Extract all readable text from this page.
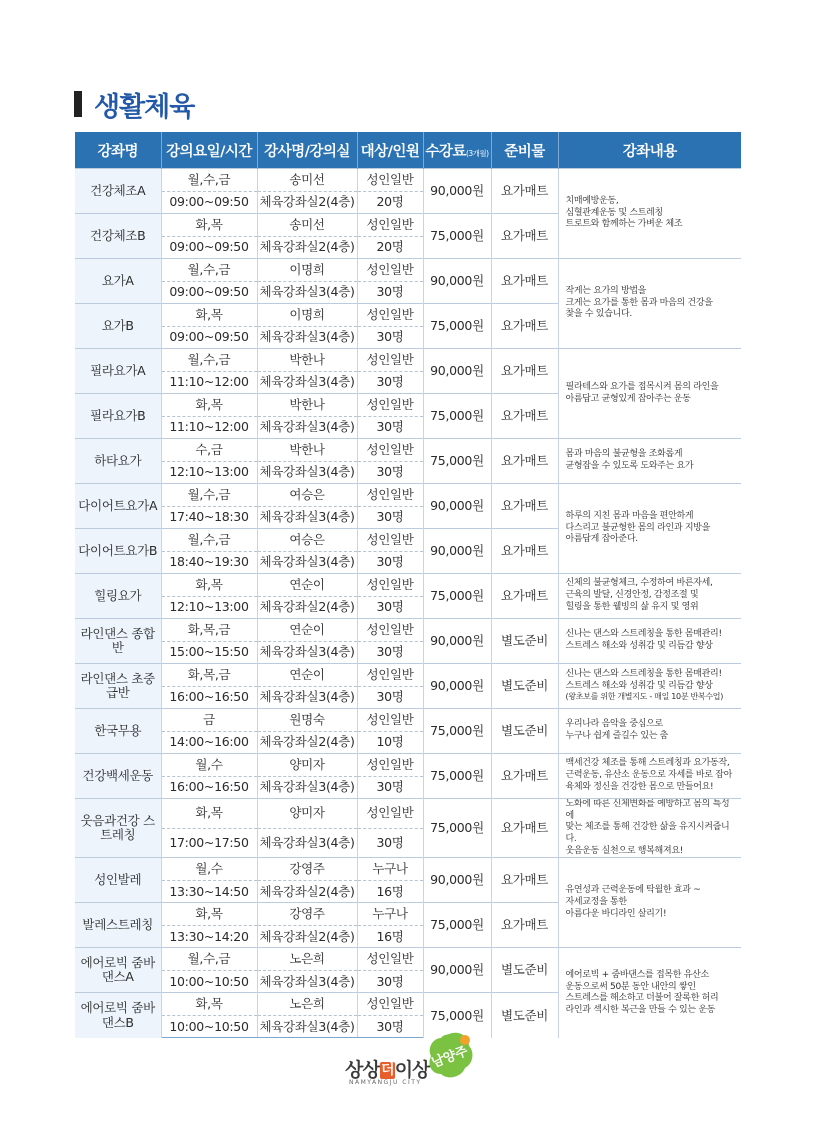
생활체육
강좌명	강의요일/시간	강사명/강의실	대상/인원	수강료(3개월)	준비물	강좌내용
건강체조A	월,수,금	송미선	성인일반	90,000원	요가매트	치매예방운동,
심혈관계운동 및 스트레칭
트로트와 함께하는 가벼운 체조

	09:00~09:50	체육강좌실2(4층)	20명			
건강체조B	화,목	송미선	성인일반	75,000원	요가매트	
	09:00~09:50	체육강좌실2(4층)	20명			
요가A	월,수,금	이명희	성인일반	90,000원	요가매트	작게는 요가의 방법을
크게는 요가를 통한 몸과 마음의 건강을
찾을 수 있습니다.

	09:00~09:50	체육강좌실3(4층)	30명			
요가B	화,목	이명희	성인일반	75,000원	요가매트	
	09:00~09:50	체육강좌실3(4층)	30명			
필라요가A	월,수,금	박한나	성인일반	90,000원	요가매트	필라테스와 요가를 접목시켜 몸의 라인을
아름답고 균형있게 잡아주는 운동

	11:10~12:00	체육강좌실3(4층)	30명			
필라요가B	화,목	박한나	성인일반	75,000원	요가매트	
	11:10~12:00	체육강좌실3(4층)	30명			
하타요가	수,금	박한나	성인일반	75,000원	요가매트	몸과 마음의 불균형을 조화롭게
균형잡을 수 있도록 도와주는 요가

	12:10~13:00	체육강좌실3(4층)	30명			
다이어트요가A	월,수,금	여승은	성인일반	90,000원	요가매트	하루의 지친 몸과 마음을 편안하게
다스리고 불균형한 몸의 라인과 지방을
아름답게 잡아준다.

	17:40~18:30	체육강좌실3(4층)	30명			
다이어트요가B	월,수,금	여승은	성인일반	90,000원	요가매트	
	18:40~19:30	체육강좌실3(4층)	30명			
힐링요가	화,목	연순이	성인일반	75,000원	요가매트	신체의 불균형체크, 수정하여 바른자세,
근육의 발달, 신경안정, 감정조절 및
힐링을 통한 웰빙의 삶 유지 및 영위

	12:10~13:00	체육강좌실2(4층)	30명			
라인댄스 종합반	화,목,금	연순이	성인일반	90,000원	별도준비	신나는 댄스와 스트레칭을 통한 몸매관리!
스트레스 해소와 성취감 및 리듬감 향상

	15:00~15:50	체육강좌실3(4층)	30명			
라인댄스 초중급반	화,목,금	연순이	성인일반	90,000원	별도준비	신나는 댄스와 스트레칭을 통한 몸매관리!
스트레스 해소와 성취감 및 리듬감 향상
(왕초보를 위한 개별지도 - 매일 10분 반복수업)

	16:00~16:50	체육강좌실3(4층)	30명			
한국무용	금	원명숙	성인일반	75,000원	별도준비	우리나라 음악을 중심으로
누구나 쉽게 즐길수 있는 춤

	14:00~16:00	체육강좌실2(4층)	10명			
건강백세운동	월,수	양미자	성인일반	75,000원	요가매트	백세건강 체조를 통해 스트레칭과 요가동작,
근력운동, 유산소 운동으로 자세를 바로 잡아
육체와 정신을 건강한 몸으로 만들어요!

	16:00~16:50	체육강좌실3(4층)	30명			
웃음과건강 스트레칭	화,목	양미자	성인일반	75,000원	요가매트	노화에 따른 신체변화를 예방하고 몸의 특성에
맞는 체조를 통해 건강한 삶을 유지시켜줍니다.
웃음운동 실천으로 행복해져요!

	17:00~17:50	체육강좌실3(4층)	30명			
성인발레	월,수	강영주	누구나	90,000원	요가매트	유연성과 근력운동에 탁월한 효과 ~
자세교정을 통한
아름다운 바디라인 살리기!

	13:30~14:50	체육강좌실2(4층)	16명			
발레스트레칭	화,목	강영주	누구나	75,000원	요가매트	
	13:30~14:20	체육강좌실2(4층)	16명			
에어로빅 줌바댄스A	월,수,금	노은희	성인일반	90,000원	별도준비	에어로빅 + 줌바댄스를 접목한 유산소
운동으로써 50분 동안 내안의 쌓인
스트레스를 해소하고 더불어 잘록한 허리
라인과 섹시한 복근을 만들 수 있는 운동

	10:00~10:50	체육강좌실3(4층)	30명			
에어로빅 줌바댄스B	화,목	노은희	성인일반	75,000원	별도준비	
	10:00~10:50	체육강좌실3(4층)	30명			
상상더이상
NAMYANGJU CITY
남양주
